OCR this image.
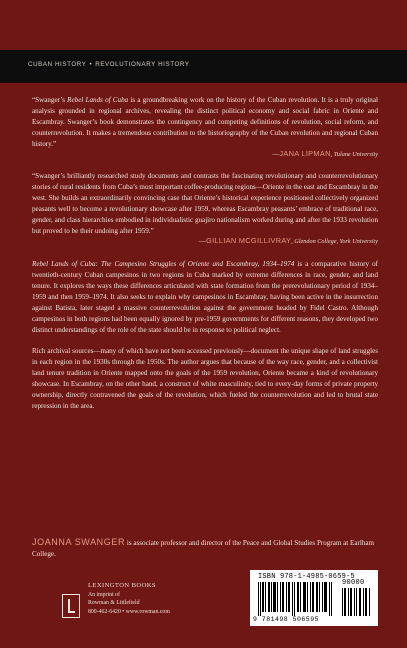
CUBAN HISTORY • REVOLUTIONARY HISTORY

“Swanger’s Rebel Lands of Cuba is a groundbreaking work on the history of the Cuban revolution. It is a truly original analysis grounded in regional archives, revealing the distinct political economy and social fabric in Oriente and Escambray. Swanger’s book demonstrates the contingency and competing definitions of revolution, social reform, and counterrevolution. It makes a tremendous contribution to the historiography of the Cuban revolution and regional Cuban history.”

—JANA LIPMAN, Tulane University

“Swanger’s brilliantly researched study documents and contrasts the fascinating revolutionary and counterrevolutionary stories of rural residents from Cuba’s most important coffee-producing regions—Oriente in the east and Escambray in the west. She builds an extraordinarily convincing case that Oriente’s historical experience positioned collectively organized peasants well to become a revolutionary showcase after 1959, whereas Escambray peasants’ embrace of traditional race, gender, and class hierarchies embodied in individualistic guajiro nationalism worked during and after the 1933 revolution but proved to be their undoing after 1959.”

—GILLIAN MCGILLIVRAY, Glendon College, York University

Rebel Lands of Cuba: The Campesino Struggles of Oriente and Escambray, 1934–1974 is a comparative history of twentieth-century Cuban campesinos in two regions in Cuba marked by extreme differences in race, gender, and land tenure. It explores the ways these differences articulated with state formation from the prerevolutionary period of 1934–1959 and then 1959–1974. It also seeks to explain why campesinos in Escambray, having been active in the insurrection against Batista, later staged a massive counterrevolution against the government headed by Fidel Castro. Although campesinos in both regions had been equally ignored by pre-1959 governments for different reasons, they developed two distinct understandings of the role of the state should be in response to political neglect.

Rich archival sources—many of which have not been accessed previously—document the unique shape of land struggles in each region in the 1930s through the 1950s. The author argues that because of the way race, gender, and a collectivist land tenure tradition in Oriente mapped onto the goals of the 1959 revolution, Oriente became a kind of revolutionary showcase. In Escambray, on the other hand, a construct of white masculinity, tied to every-day forms of private property ownership, directly contravened the goals of the revolution, which fueled the counterrevolution and led to brutal state repression in the area.

JOANNA SWANGER is associate professor and director of the Peace and Global Studies Program at Earlham College.
LEXINGTON BOOKS
An imprint of
Rowman & Littlefield
800-462-6420 • www.rowman.com
ISBN 978-1-4985-0659-5
90000
9 781498 506595
